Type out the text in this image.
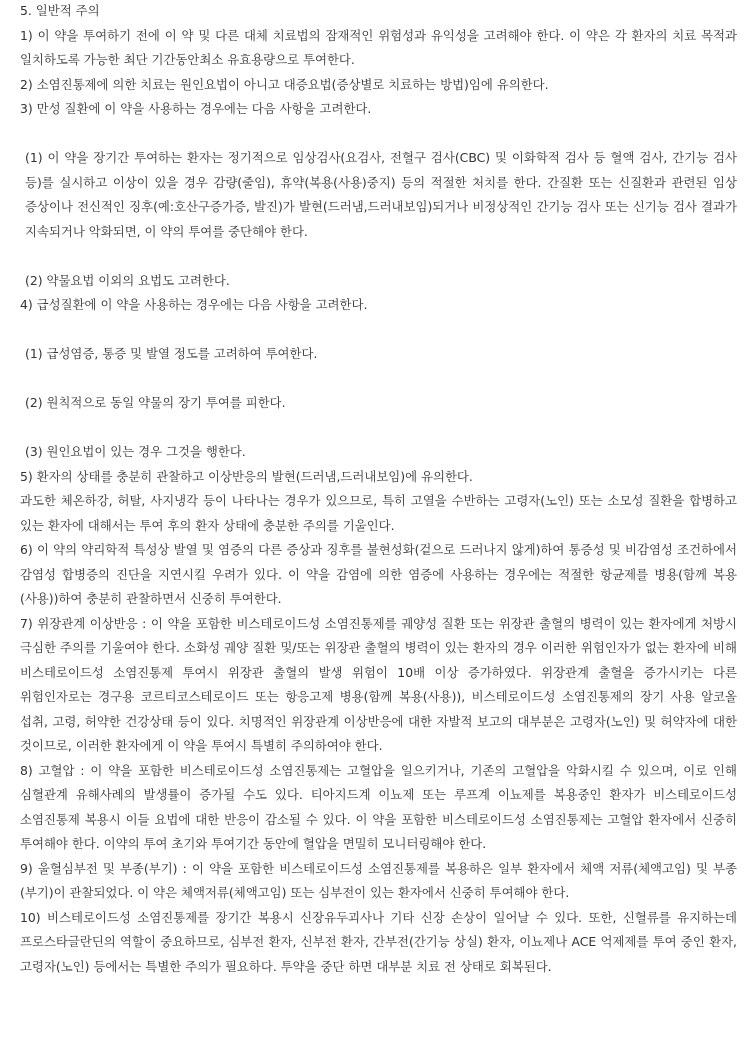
5. 일반적 주의

1) 이 약을 투여하기 전에 이 약 및 다른 대체 치료법의 잠재적인 위험성과 유익성을 고려해야 한다. 이 약은 각 환자의 치료 목적과 일치하도록 가능한 최단 기간동안최소 유효용량으로 투여한다.

2) 소염진통제에 의한 치료는 원인요법이 아니고 대증요법(증상별로 치료하는 방법)임에 유의한다.

3) 만성 질환에 이 약을 사용하는 경우에는 다음 사항을 고려한다.

(1) 이 약을 장기간 투여하는 환자는 정기적으로 임상검사(요검사, 전혈구 검사(CBC) 및 이화학적 검사 등 혈액 검사, 간기능 검사 등)를 실시하고 이상이 있을 경우 감량(줄임), 휴약(복용(사용)중지) 등의 적절한 처치를 한다. 간질환 또는 신질환과 관련된 임상 증상이나 전신적인 징후(예:호산구증가증, 발진)가 발현(드러냄,드러내보임)되거나 비정상적인 간기능 검사 또는 신기능 검사 결과가 지속되거나 악화되면, 이 약의 투여를 중단해야 한다.

(2) 약물요법 이외의 요법도 고려한다.

4) 급성질환에 이 약을 사용하는 경우에는 다음 사항을 고려한다.

(1) 급성염증, 통증 및 발열 정도를 고려하여 투여한다.

(2) 원칙적으로 동일 약물의 장기 투여를 피한다.

(3) 원인요법이 있는 경우 그것을 행한다.

5) 환자의 상태를 충분히 관찰하고 이상반응의 발현(드러냄,드러내보임)에 유의한다.

과도한 체온하강, 허탈, 사지냉각 등이 나타나는 경우가 있으므로, 특히 고열을 수반하는 고령자(노인) 또는 소모성 질환을 합병하고 있는 환자에 대해서는 투여 후의 환자 상태에 충분한 주의를 기울인다.

6) 이 약의 약리학적 특성상 발열 및 염증의 다른 증상과 징후를 불현성화(겉으로 드러나지 않게)하여 통증성 및 비감염성 조건하에서 감염성 합병증의 진단을 지연시킬 우려가 있다. 이 약을 감염에 의한 염증에 사용하는 경우에는 적절한 항균제를 병용(함께 복용(사용))하여 충분히 관찰하면서 신중히 투여한다.

7) 위장관계 이상반응 : 이 약을 포함한 비스테로이드성 소염진통제를 궤양성 질환 또는 위장관 출혈의 병력이 있는 환자에게 처방시 극심한 주의를 기울여야 한다. 소화성 궤양 질환 및/또는 위장관 출혈의 병력이 있는 환자의 경우 이러한 위험인자가 없는 환자에 비해 비스테로이드성 소염진통제 투여시 위장관 출혈의 발생 위험이 10배 이상 증가하였다. 위장관계 출혈을 증가시키는 다른 위험인자로는 경구용 코르티코스테로이드 또는 항응고제 병용(함께 복용(사용)), 비스테로이드성 소염진통제의 장기 사용 알코올 섭취, 고령, 허약한 건강상태 등이 있다. 치명적인 위장관계 이상반응에 대한 자발적 보고의 대부분은 고령자(노인) 및 허약자에 대한 것이므로, 이러한 환자에게 이 약을 투여시 특별히 주의하여야 한다.

8) 고혈압 : 이 약을 포함한 비스테로이드성 소염진통제는 고혈압을 일으키거나, 기존의 고혈압을 악화시킬 수 있으며, 이로 인해 심혈관계 유해사례의 발생률이 증가될 수도 있다. 티아지드계 이뇨제 또는 루프계 이뇨제를 복용중인 환자가 비스테로이드성 소염진통제 복용시 이들 요법에 대한 반응이 감소될 수 있다. 이 약을 포함한 비스테로이드성 소염진통제는 고혈압 환자에서 신중히 투여해야 한다. 이약의 투여 초기와 투여기간 동안에 혈압을 면밀히 모니터링해야 한다.

9) 울혈심부전 및 부종(부기) : 이 약을 포함한 비스테로이드성 소염진통제를 복용하은 일부 환자에서 체액 저류(체액고임) 및 부종(부기)이 관찰되었다. 이 약은 체액저류(체액고임) 또는 심부전이 있는 환자에서 신중히 투여해야 한다.

10) 비스테로이드성 소염진통제를 장기간 복용시 신장유두괴사나 기타 신장 손상이 일어날 수 있다. 또한, 신혈류를 유지하는데 프로스타글란딘의 역할이 중요하므로, 심부전 환자, 신부전 환자, 간부전(간기능 상실) 환자, 이뇨제나 ACE 억제제를 투여 중인 환자, 고령자(노인) 등에서는 특별한 주의가 필요하다. 투약을 중단 하면 대부분 치료 전 상태로 회복된다.
